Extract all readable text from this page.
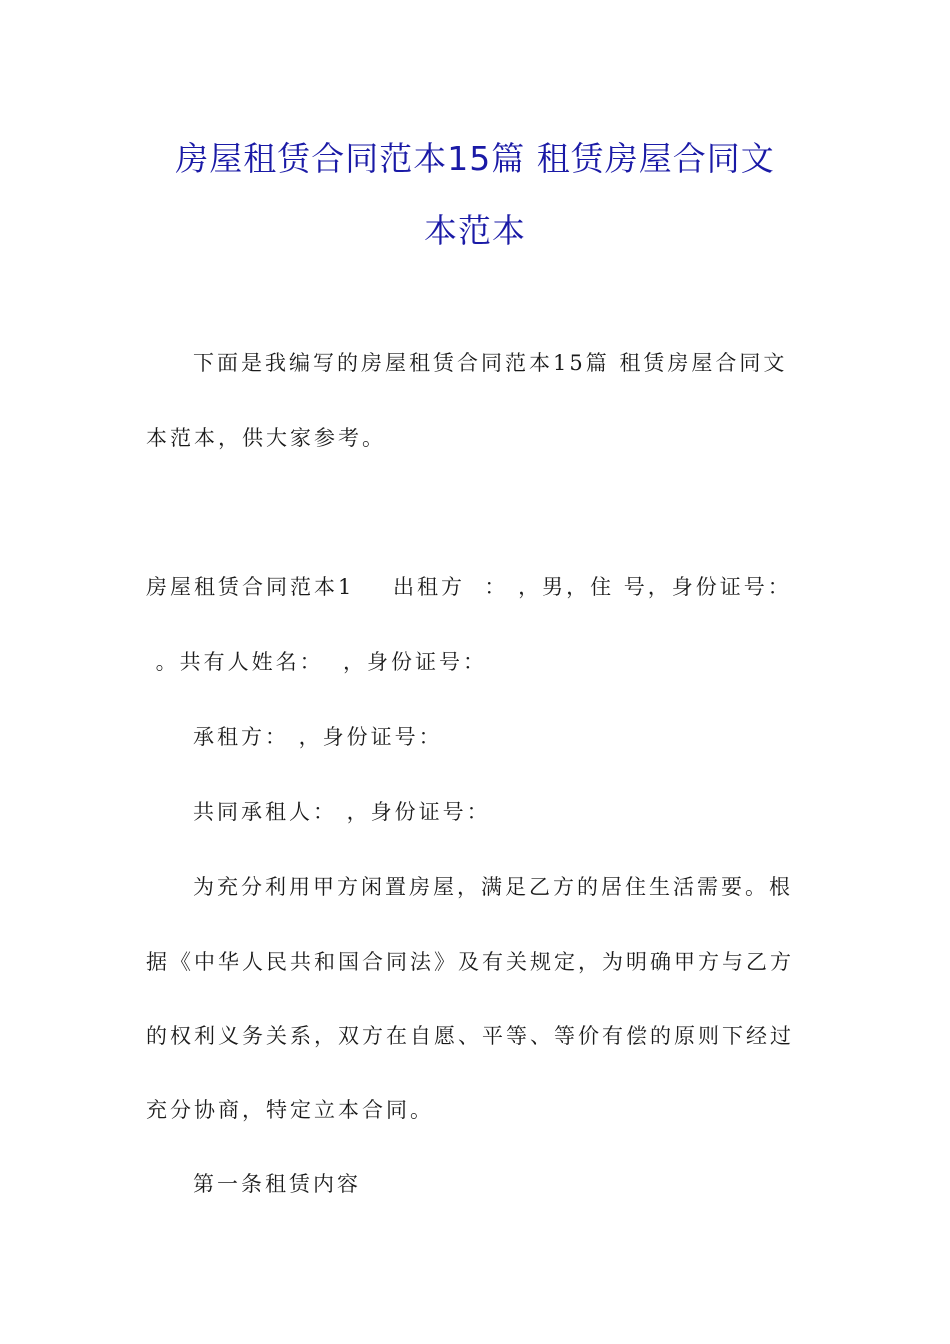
房屋租赁合同范本15篇 租赁房屋合同文
本范本
下面是我编写的房屋租赁合同范本15篇 租赁房屋合同文
本范本，供大家参考。
房屋租赁合同范本1    出租方  ： ，男，住 号，身份证号：
。共有人姓名：  ，身份证号：
承租方： ，身份证号：
共同承租人： ，身份证号：
为充分利用甲方闲置房屋，满足乙方的居住生活需要。根
据《中华人民共和国合同法》及有关规定，为明确甲方与乙方
的权利义务关系，双方在自愿、平等、等价有偿的原则下经过
充分协商，特定立本合同。
第一条租赁内容
